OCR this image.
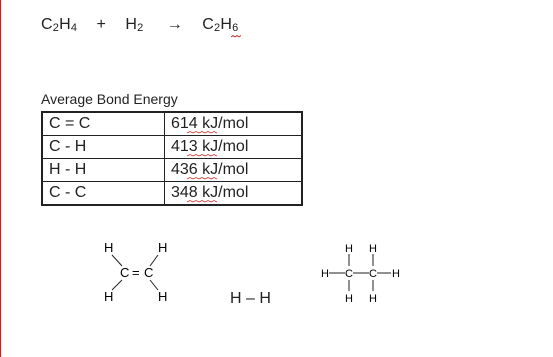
$C_2H_4 + H_2 \to C_2H_6$
Average Bond Energy
C = C	614 kJ/mol

C - H	413 kJ/mol

H - H	436 kJ/mol

C - C	348 kJ/mol
H	H
C = C
H	H	H – H
H H
H C C H
H H
